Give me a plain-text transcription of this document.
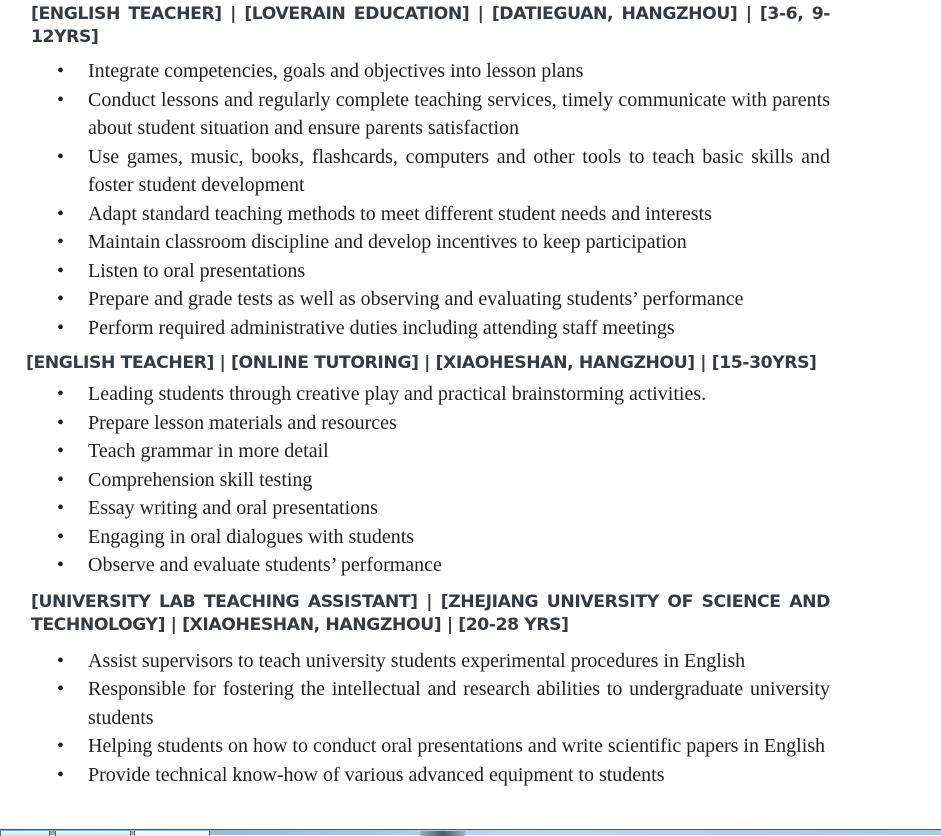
[ENGLISH TEACHER] | [LOVERAIN EDUCATION] | [DATIEGUAN, HANGZHOU] | [3-6, 9-12YRS]
• Integrate competencies, goals and objectives into lesson plans
• Conduct lessons and regularly complete teaching services, timely communicate with parents about student situation and ensure parents satisfaction
• Use games, music, books, flashcards, computers and other tools to teach basic skills and foster student development
• Adapt standard teaching methods to meet different student needs and interests
• Maintain classroom discipline and develop incentives to keep participation
• Listen to oral presentations
• Prepare and grade tests as well as observing and evaluating students’ performance
• Perform required administrative duties including attending staff meetings
[ENGLISH TEACHER] | [ONLINE TUTORING] | [XIAOHESHAN, HANGZHOU] | [15-30YRS]
• Leading students through creative play and practical brainstorming activities.
• Prepare lesson materials and resources
• Teach grammar in more detail
• Comprehension skill testing
• Essay writing and oral presentations
• Engaging in oral dialogues with students
• Observe and evaluate students’ performance
[UNIVERSITY LAB TEACHING ASSISTANT] | [ZHEJIANG UNIVERSITY OF SCIENCE AND TECHNOLOGY] | [XIAOHESHAN, HANGZHOU] | [20-28 YRS]
• Assist supervisors to teach university students experimental procedures in English
• Responsible for fostering the intellectual and research abilities to undergraduate university students
• Helping students on how to conduct oral presentations and write scientific papers in English
• Provide technical know-how of various advanced equipment to students
